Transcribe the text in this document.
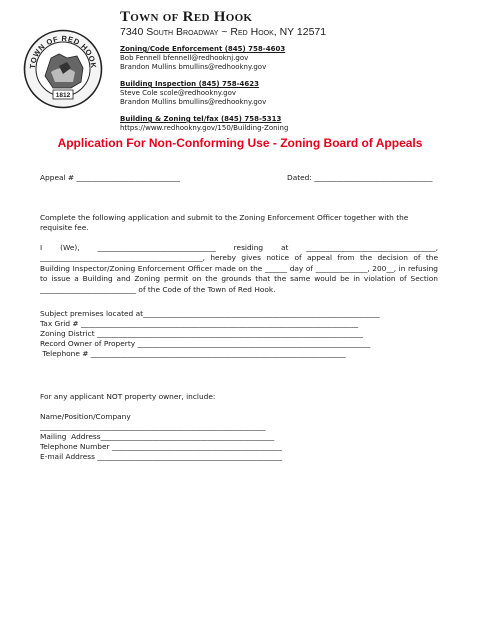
TOWN OF RED HOOK
1812
Town of Red Hook
7340 South Broadway ~ Red Hook, NY 12571
Zoning/Code Enforcement (845) 758-4603
Bob Fennell bfennell@redhooknj.gov
Brandon Mullins bmullins@redhookny.gov
Building Inspection (845) 758-4623
Steve Cole scole@redhookny.gov
Brandon Mullins bmullins@redhookny.gov
Building & Zoning tel/fax (845) 758-5313
https://www.redhookny.gov/150/Building-Zoning
Application For Non-Conforming Use - Zoning Board of Appeals
Appeal # ____________________________	Dated: ________________________________
Complete the following application and submit to the Zoning Enforcement Officer together with the requisite fee.
I (We), ________________________________ residing at ___________________________________, ____________________________________________, hereby gives notice of appeal from the decision of the Building Inspector/Zoning Enforcement Officer made on the ______ day of ______________, 200__, in refusing to issue a Building and Zoning permit on the grounds that the same would be in violation of Section __________________________ of the Code of the Town of Red Hook.
Subject premises located at________________________________________________________________
Tax Grid # ___________________________________________________________________________
Zoning District ________________________________________________________________________
Record Owner of Property _______________________________________________________________
Telephone # _____________________________________________________________________
For any applicant NOT property owner, include:
Name/Position/Company
_____________________________________________________________
Mailing  Address_______________________________________________
Telephone Number ______________________________________________
E-mail Address __________________________________________________
